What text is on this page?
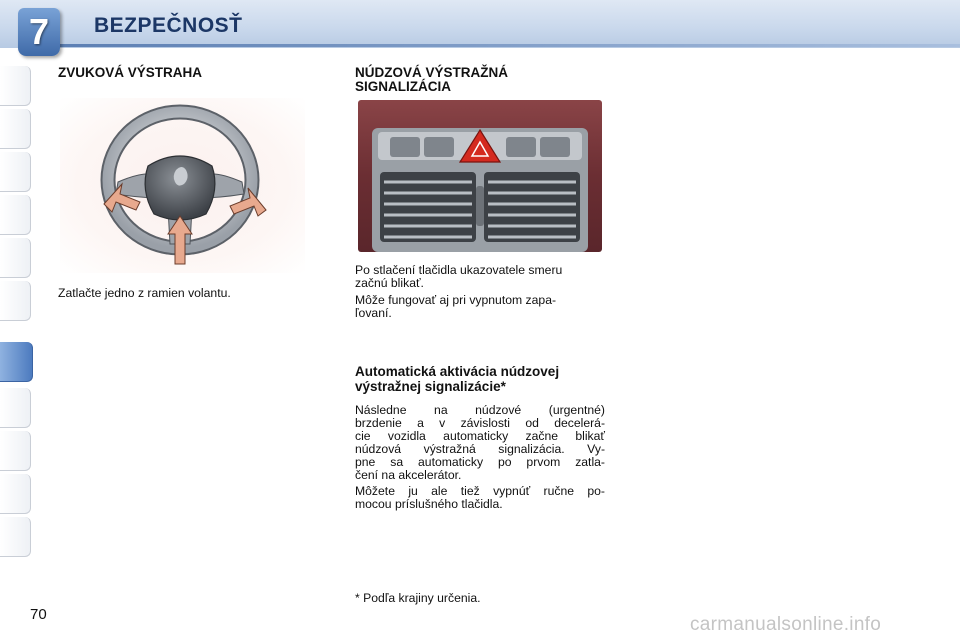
7 BEZPEČNOSŤ
ZVUKOVÁ VÝSTRAHA
Zatlačte jedno z ramien volantu.
NÚDZOVÁ VÝSTRAŽNÁ
SIGNALIZÁCIA
Po stlačení tlačidla ukazovatele smeru
začnú blikať.
Môže fungovať aj pri vypnutom zapa-
ľovaní.
Automatická aktivácia núdzovej
výstražnej signalizácie*
Následne na núdzové (urgentné)
brzdenie a v závislosti od decelerá-
cie vozidla automaticky začne blikať
núdzová výstražná signalizácia. Vy-
pne sa automaticky po prvom zatla-
čení na akcelerátor.
Môžete ju ale tiež vypnúť ručne po-
mocou príslušného tlačidla.
* Podľa krajiny určenia.
70	carmanualsonline.info
